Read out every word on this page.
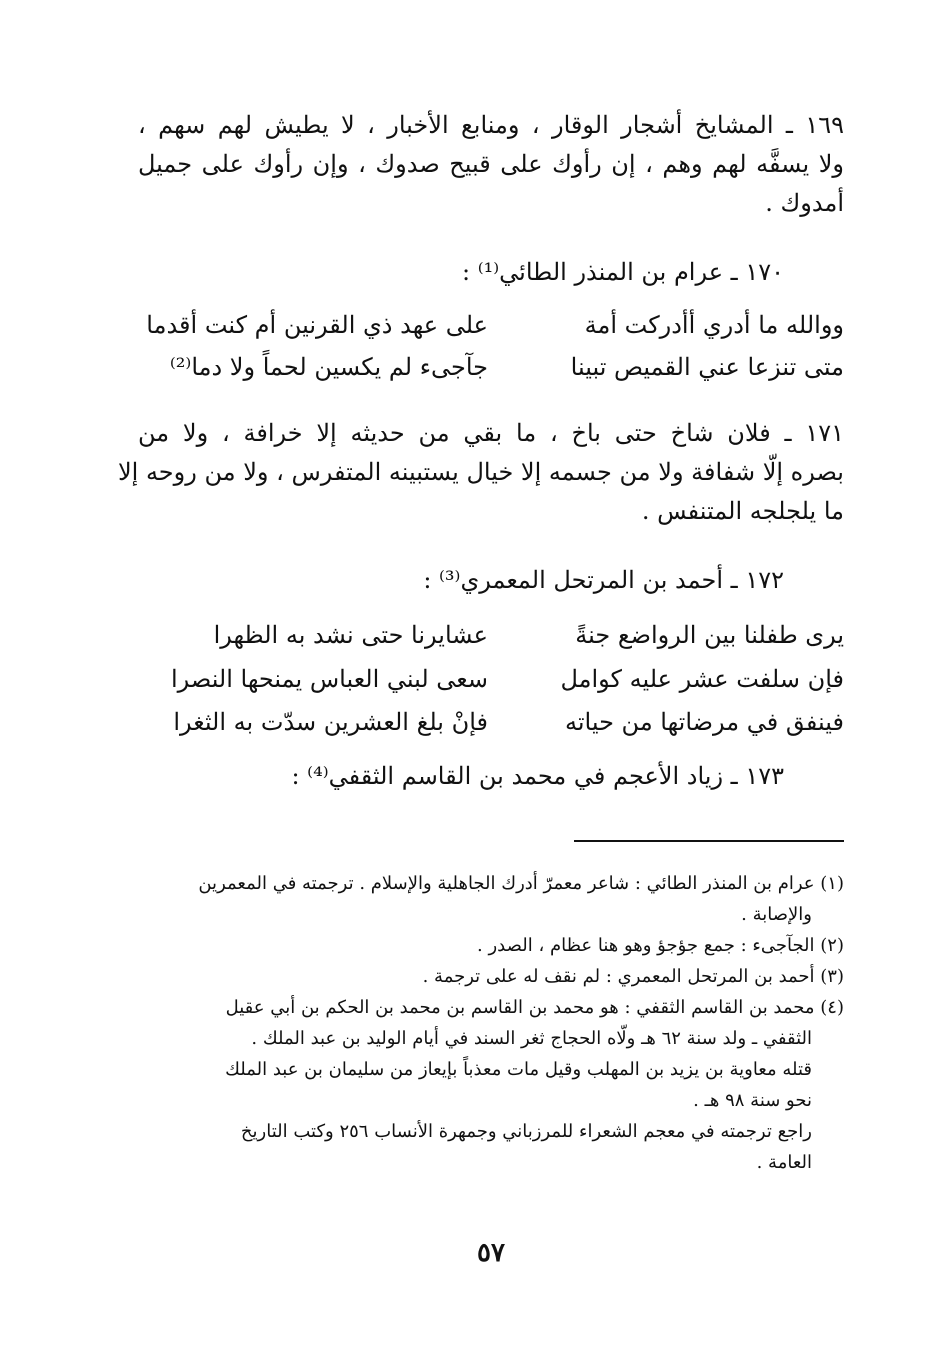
١٦٩ ـ المشايخ أشجار الوقار ، ومنابع الأخبار ، لا يطيش لهم سهم ،
ولا يسفَّه لهم وهم ، إن رأوك على قبيح صدوك ، وإن رأوك على جميل
أمدوك .

١٧٠ ـ عرام بن المنذر الطائي⁽¹⁾ :
ووالله ما أدري أأدركت أمة
على عهد ذي القرنين أم كنت أقدما
متى تنزعا عني القميص تبينا
جآجىء لم يكسين لحماً ولا دما⁽²⁾

١٧١ ـ فلان شاخ حتى باخ ، ما بقي من حديثه إلا خرافة ، ولا من
بصره إلّا شفافة ولا من جسمه إلا خيال يستبينه المتفرس ، ولا من روحه إلا
ما يلجلجه المتنفس .

١٧٢ ـ أحمد بن المرتحل المعمري⁽³⁾ :
يرى طفلنا بين الرواضع جنةً
عشايرنا حتى نشد به الظهرا
فإن سلفت عشر عليه كوامل
سعى لبني العباس يمنحها النصرا
فينفق في مرضاتها من حياته
فإنْ بلغ العشرين سدّت به الثغرا
١٧٣ ـ زياد الأعجم في محمد بن القاسم الثقفي⁽⁴⁾ :
(١) عرام بن المنذر الطائي : شاعر معمرّ أدرك الجاهلية والإسلام . ترجمته في المعمرين
والإصابة .
(٢) الجآجىء : جمع جؤجؤ وهو هنا عظام ، الصدر .
(٣) أحمد بن المرتحل المعمري : لم نقف له على ترجمة .
(٤) محمد بن القاسم الثقفي : هو محمد بن القاسم بن محمد بن الحكم بن أبي عقيل
الثقفي ـ ولد سنة ٦٢ هـ ولّاه الحجاج ثغر السند في أيام الوليد بن عبد الملك .
قتله معاوية بن يزيد بن المهلب وقيل مات معذباً بإيعاز من سليمان بن عبد الملك
نحو سنة ٩٨ هـ .
راجع ترجمته في معجم الشعراء للمرزباني وجمهرة الأنساب ٢٥٦ وكتب التاريخ
العامة .
٥٧
